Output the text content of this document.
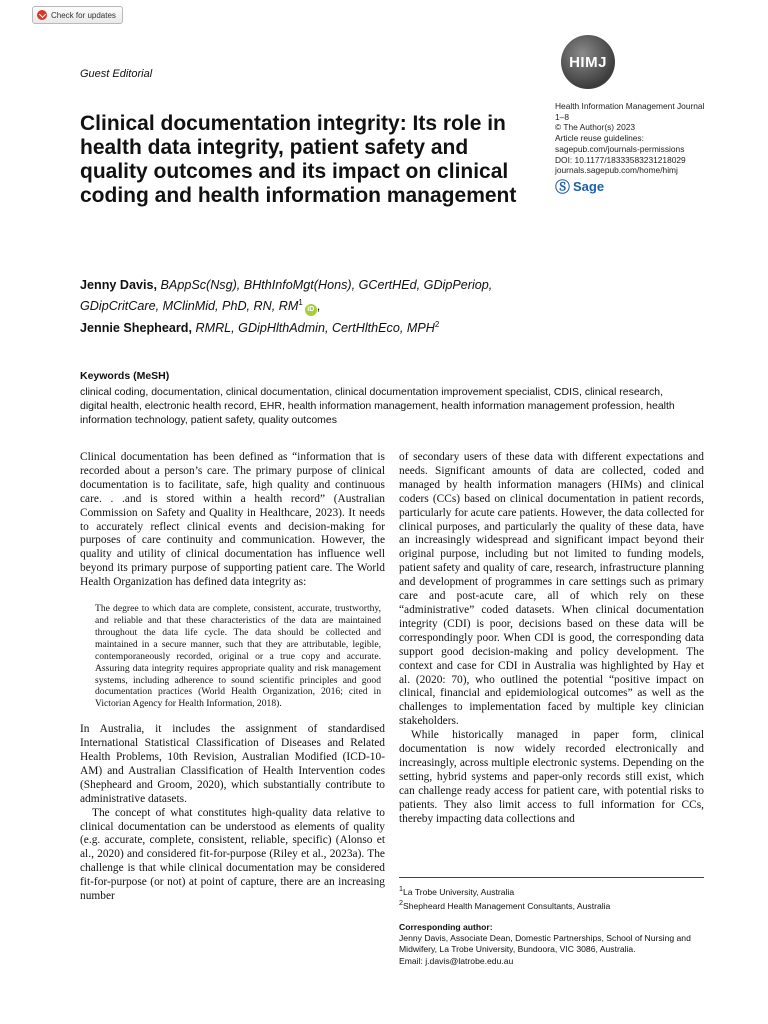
Check for updates
Guest Editorial
HIMJ
Health Information Management Journal
1–8
© The Author(s) 2023
Article reuse guidelines:
sagepub.com/journals-permissions
DOI: 10.1177/18333583231218029
journals.sagepub.com/home/himj
Ⓢ Sage
Clinical documentation integrity: Its role in health data integrity, patient safety and quality outcomes and its impact on clinical coding and health information management
Jenny Davis, BAppSc(Nsg), BHthInfoMgt(Hons), GCertHEd, GDipPeriop,
GDipCritCare, MClinMid, PhD, RN, $RM^1iD$ ,
Jennie Shepheard, RMRL, GDipHlthAdmin, CertHlthEco, MPH$^2$
Keywords (MeSH)
clinical coding, documentation, clinical documentation, clinical documentation improvement specialist, CDIS, clinical research, digital health, electronic health record, EHR, health information management, health information management profession, health information technology, patient safety, quality outcomes

Clinical documentation has been defined as “information that is recorded about a person’s care. The primary purpose of clinical documentation is to facilitate, safe, high quality and continuous care. . .and is stored within a health record” (Australian Commission on Safety and Quality in Healthcare, 2023). It needs to accurately reflect clinical events and decision-making for purposes of care continuity and communication. However, the quality and utility of clinical documentation has influence well beyond its primary purpose of supporting patient care. The World Health Organization has defined data integrity as:

The degree to which data are complete, consistent, accurate, trustworthy, and reliable and that these characteristics of the data are maintained throughout the data life cycle. The data should be collected and maintained in a secure manner, such that they are attributable, legible, contemporaneously recorded, original or a true copy and accurate. Assuring data integrity requires appropriate quality and risk management systems, including adherence to sound scientific principles and good documentation practices (World Health Organization, 2016; cited in Victorian Agency for Health Information, 2018).

In Australia, it includes the assignment of standardised International Statistical Classification of Diseases and Related Health Problems, 10th Revision, Australian Modified (ICD-10-AM) and Australian Classification of Health Intervention codes (Shepheard and Groom, 2020), which substantially contribute to administrative datasets.

The concept of what constitutes high-quality data relative to clinical documentation can be understood as elements of quality (e.g. accurate, complete, consistent, reliable, specific) (Alonso et al., 2020) and considered fit-for-purpose (Riley et al., 2023a). The challenge is that while clinical documentation may be considered fit-for-purpose (or not) at point of capture, there are an increasing number

of secondary users of these data with different expectations and needs. Significant amounts of data are collected, coded and managed by health information managers (HIMs) and clinical coders (CCs) based on clinical documentation in patient records, particularly for acute care patients. However, the data collected for clinical purposes, and particularly the quality of these data, have an increasingly widespread and significant impact beyond their original purpose, including but not limited to funding models, patient safety and quality of care, research, infrastructure planning and development of programmes in care settings such as primary care and post-acute care, all of which rely on these “administrative” coded datasets. When clinical documentation integrity (CDI) is poor, decisions based on these data will be correspondingly poor. When CDI is good, the corresponding data support good decision-making and policy development. The context and case for CDI in Australia was highlighted by Hay et al. (2020: 70), who outlined the potential “positive impact on clinical, financial and epidemiological outcomes” as well as the challenges to implementation faced by multiple key clinician stakeholders.

While historically managed in paper form, clinical documentation is now widely recorded electronically and increasingly, across multiple electronic systems. Depending on the setting, hybrid systems and paper-only records still exist, which can challenge ready access for patient care, with potential risks to patients. They also limit access to full information for CCs, thereby impacting data collections and

$^1$La Trobe University, Australia

$^2$Shepheard Health Management Consultants, Australia

Corresponding author:

Jenny Davis, Associate Dean, Domestic Partnerships, School of Nursing and Midwifery, La Trobe University, Bundoora, VIC 3086, Australia.

Email: j.davis@latrobe.edu.au
